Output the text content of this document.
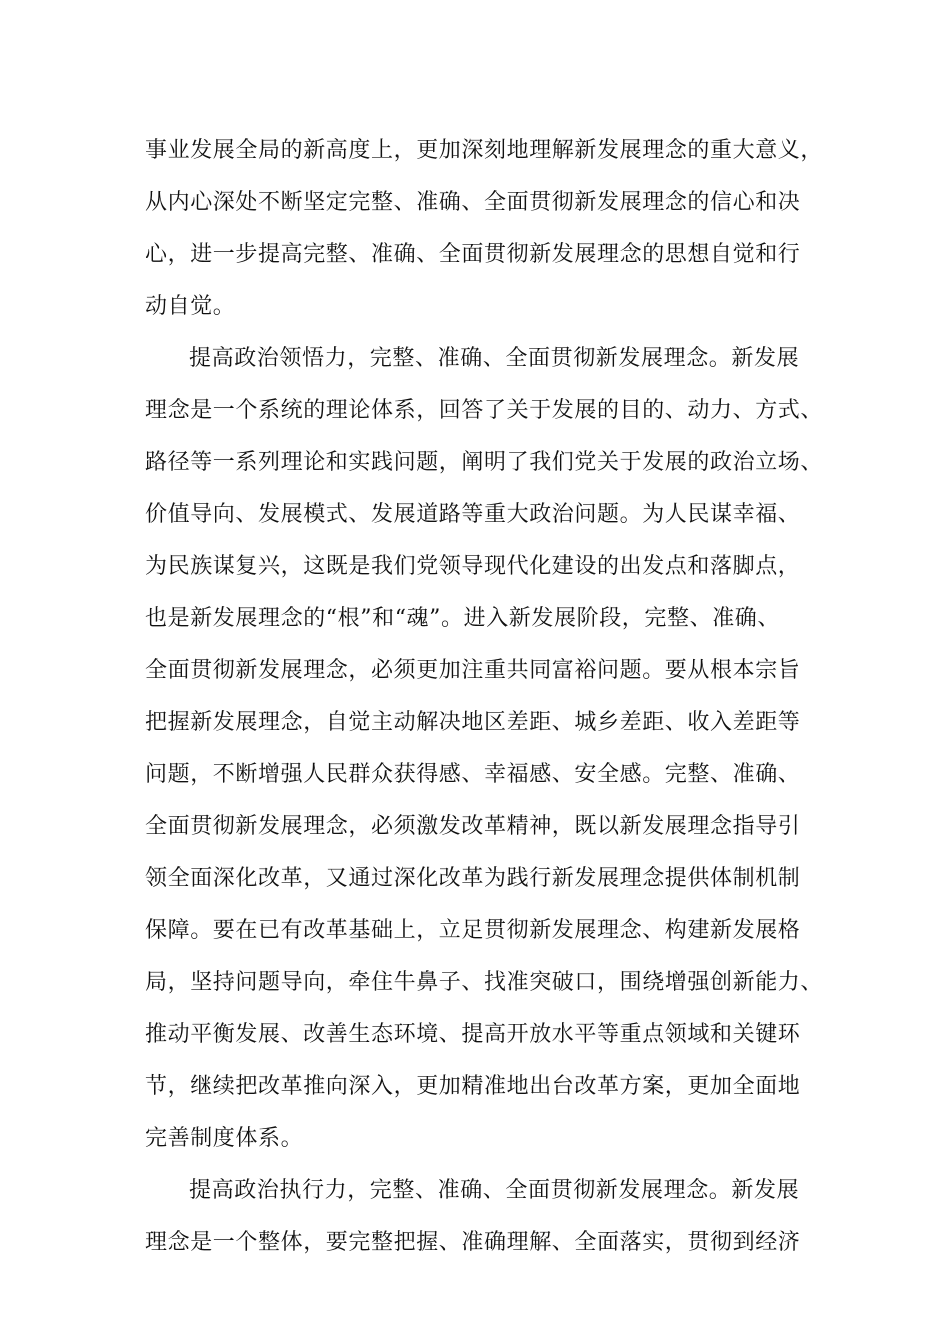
事业发展全局的新高度上，更加深刻地理解新发展理念的重大意义，
从内心深处不断坚定完整、准确、全面贯彻新发展理念的信心和决
心，进一步提高完整、准确、全面贯彻新发展理念的思想自觉和行
动自觉。
提高政治领悟力，完整、准确、全面贯彻新发展理念。新发展
理念是一个系统的理论体系，回答了关于发展的目的、动力、方式、
路径等一系列理论和实践问题，阐明了我们党关于发展的政治立场、
价值导向、发展模式、发展道路等重大政治问题。为人民谋幸福、
为民族谋复兴，这既是我们党领导现代化建设的出发点和落脚点，
也是新发展理念的“根”和“魂”。进入新发展阶段，完整、准确、
全面贯彻新发展理念，必须更加注重共同富裕问题。要从根本宗旨
把握新发展理念，自觉主动解决地区差距、城乡差距、收入差距等
问题，不断增强人民群众获得感、幸福感、安全感。完整、准确、
全面贯彻新发展理念，必须激发改革精神，既以新发展理念指导引
领全面深化改革，又通过深化改革为践行新发展理念提供体制机制
保障。要在已有改革基础上，立足贯彻新发展理念、构建新发展格
局，坚持问题导向，牵住牛鼻子、找准突破口，围绕增强创新能力、
推动平衡发展、改善生态环境、提高开放水平等重点领域和关键环
节，继续把改革推向深入，更加精准地出台改革方案，更加全面地
完善制度体系。
提高政治执行力，完整、准确、全面贯彻新发展理念。新发展
理念是一个整体，要完整把握、准确理解、全面落实，贯彻到经济
